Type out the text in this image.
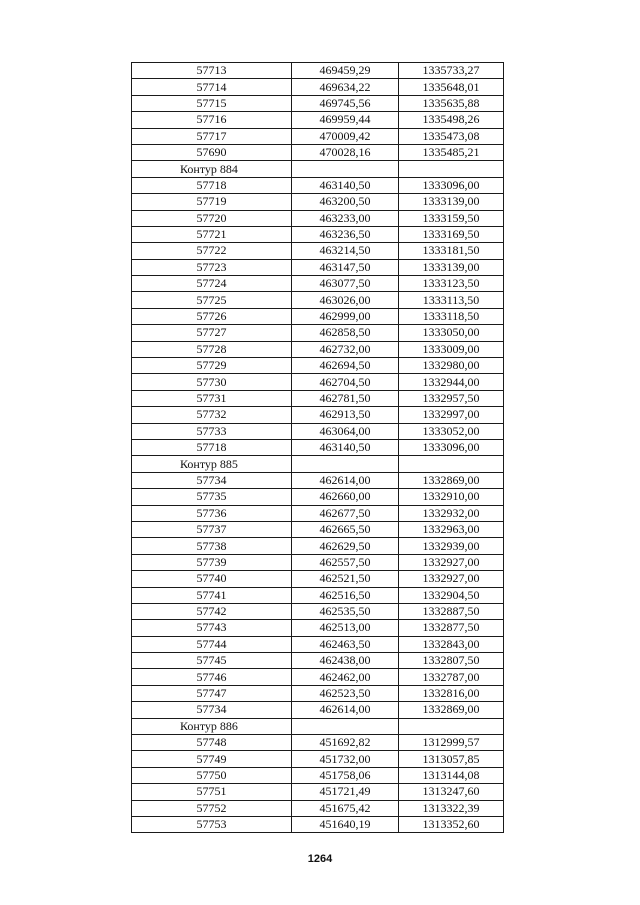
57713	469459,29	1335733,27
57714	469634,22	1335648,01
57715	469745,56	1335635,88
57716	469959,44	1335498,26
57717	470009,42	1335473,08
57690	470028,16	1335485,21
Контур 884		
57718	463140,50	1333096,00
57719	463200,50	1333139,00
57720	463233,00	1333159,50
57721	463236,50	1333169,50
57722	463214,50	1333181,50
57723	463147,50	1333139,00
57724	463077,50	1333123,50
57725	463026,00	1333113,50
57726	462999,00	1333118,50
57727	462858,50	1333050,00
57728	462732,00	1333009,00
57729	462694,50	1332980,00
57730	462704,50	1332944,00
57731	462781,50	1332957,50
57732	462913,50	1332997,00
57733	463064,00	1333052,00
57718	463140,50	1333096,00
Контур 885		
57734	462614,00	1332869,00
57735	462660,00	1332910,00
57736	462677,50	1332932,00
57737	462665,50	1332963,00
57738	462629,50	1332939,00
57739	462557,50	1332927,00
57740	462521,50	1332927,00
57741	462516,50	1332904,50
57742	462535,50	1332887,50
57743	462513,00	1332877,50
57744	462463,50	1332843,00
57745	462438,00	1332807,50
57746	462462,00	1332787,00
57747	462523,50	1332816,00
57734	462614,00	1332869,00
Контур 886		
57748	451692,82	1312999,57
57749	451732,00	1313057,85
57750	451758,06	1313144,08
57751	451721,49	1313247,60
57752	451675,42	1313322,39
57753	451640,19	1313352,60
1264
